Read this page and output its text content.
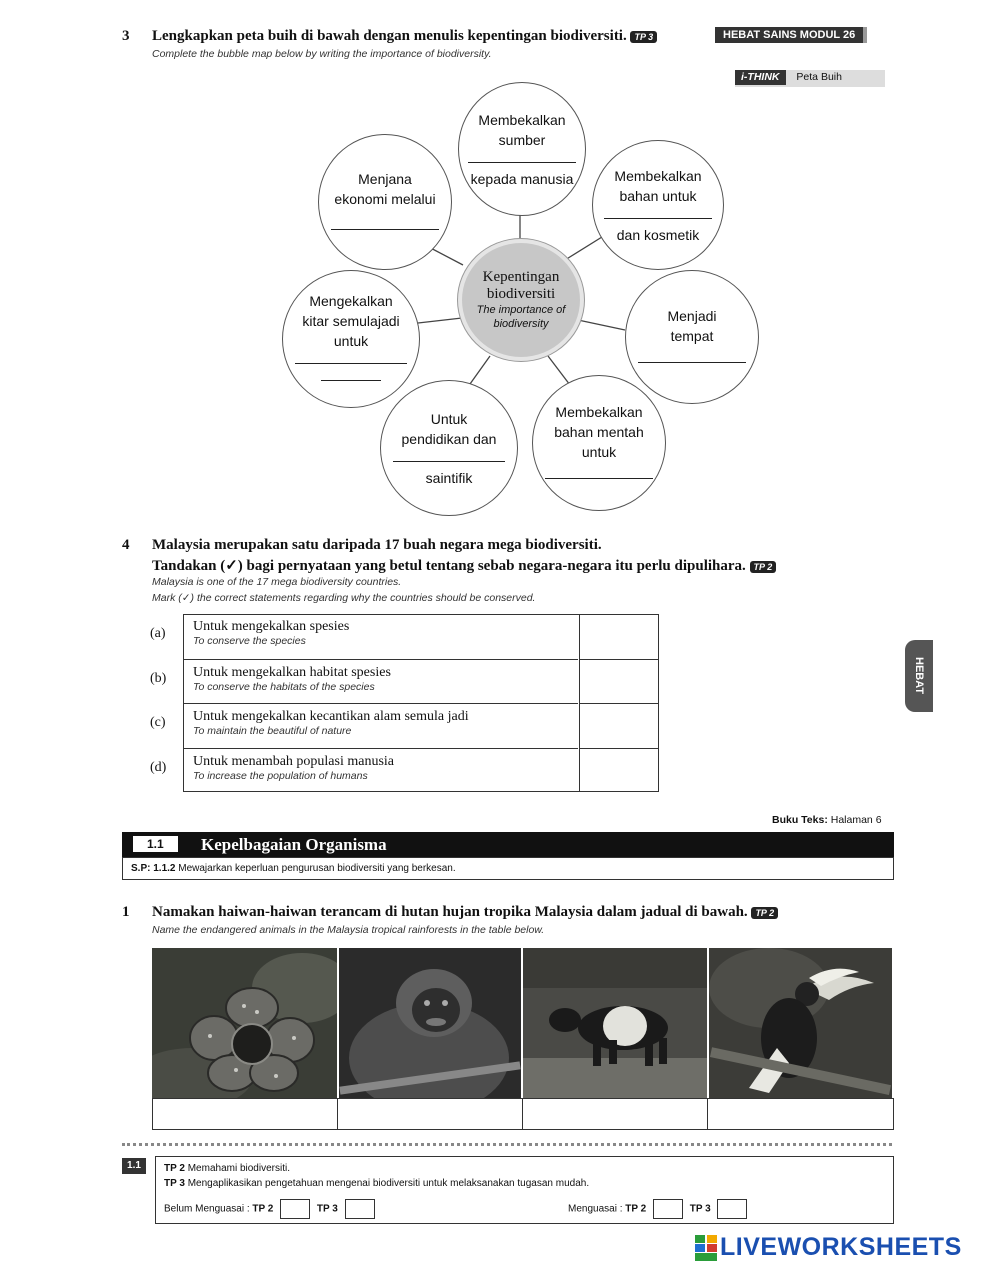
3 Lengkapkan peta buih di bawah dengan menulis kepentingan biodiversiti. TP 3	HEBAT SAINS MODUL 26
Complete the bubble map below by writing the importance of biodiversity.
i-THINK Peta Buih
Membekalkan
sumber
kepada manusia	Membekalkan
bahan untuk
dan kosmetik
Menjana
ekonomi melalui
Mengekalkan
kitar semulajadi
untuk
Menjadi
tempat
Untuk
pendidikan dan
saintifik
Membekalkan
bahan mentah
untuk
Kepentingan
biodiversiti
The importance of
biodiversity
4 Malaysia merupakan satu daripada 17 buah negara mega biodiversiti.
Tandakan (✓) bagi pernyataan yang betul tentang sebab negara-negara itu perlu dipulihara. TP 2
Malaysia is one of the 17 mega biodiversity countries.
Mark (✓) the correct statements regarding why the countries should be conserved.
(a) Untuk mengekalkan spesies
To conserve the species
(b) Untuk mengekalkan habitat spesies
To conserve the habitats of the species
(c) Untuk mengekalkan kecantikan alam semula jadi
To maintain the beautiful of nature
(d) Untuk menambah populasi manusia
To increase the population of humans
HEBAT
Buku Teks: Halaman 6
1.1	Kepelbagaian Organisma
S.P: 1.1.2 Mewajarkan keperluan pengurusan biodiversiti yang berkesan.
1 Namakan haiwan-haiwan terancam di hutan hujan tropika Malaysia dalam jadual di bawah. TP 2
Name the endangered animals in the Malaysia tropical rainforests in the table below.
1.1	TP 2 Memahami biodiversiti.
TP 3 Mengaplikasikan pengetahuan mengenai biodiversiti untuk melaksanakan tugasan mudah.
Belum Menguasai : TP 2	TP 3	Menguasai : TP 2	TP 3
LIVEWORKSHEETS
